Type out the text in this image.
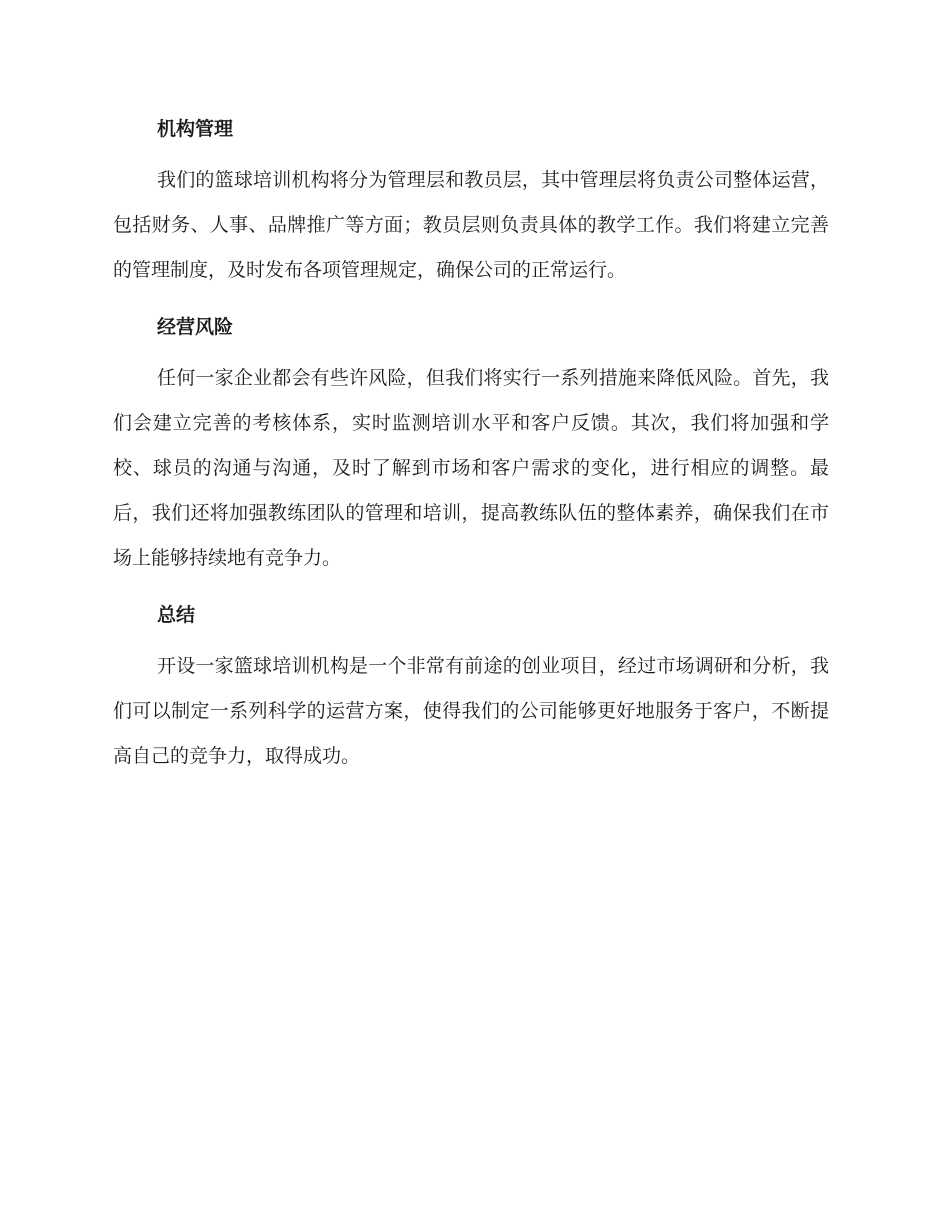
机构管理

我们的篮球培训机构将分为管理层和教员层，其中管理层将负责公司整体运营，包括财务、人事、品牌推广等方面；教员层则负责具体的教学工作。我们将建立完善的管理制度，及时发布各项管理规定，确保公司的正常运行。

经营风险

任何一家企业都会有些许风险，但我们将实行一系列措施来降低风险。首先，我们会建立完善的考核体系，实时监测培训水平和客户反馈。其次，我们将加强和学校、球员的沟通与沟通，及时了解到市场和客户需求的变化，进行相应的调整。最后，我们还将加强教练团队的管理和培训，提高教练队伍的整体素养，确保我们在市场上能够持续地有竞争力。

总结

开设一家篮球培训机构是一个非常有前途的创业项目，经过市场调研和分析，我们可以制定一系列科学的运营方案，使得我们的公司能够更好地服务于客户，不断提高自己的竞争力，取得成功。
